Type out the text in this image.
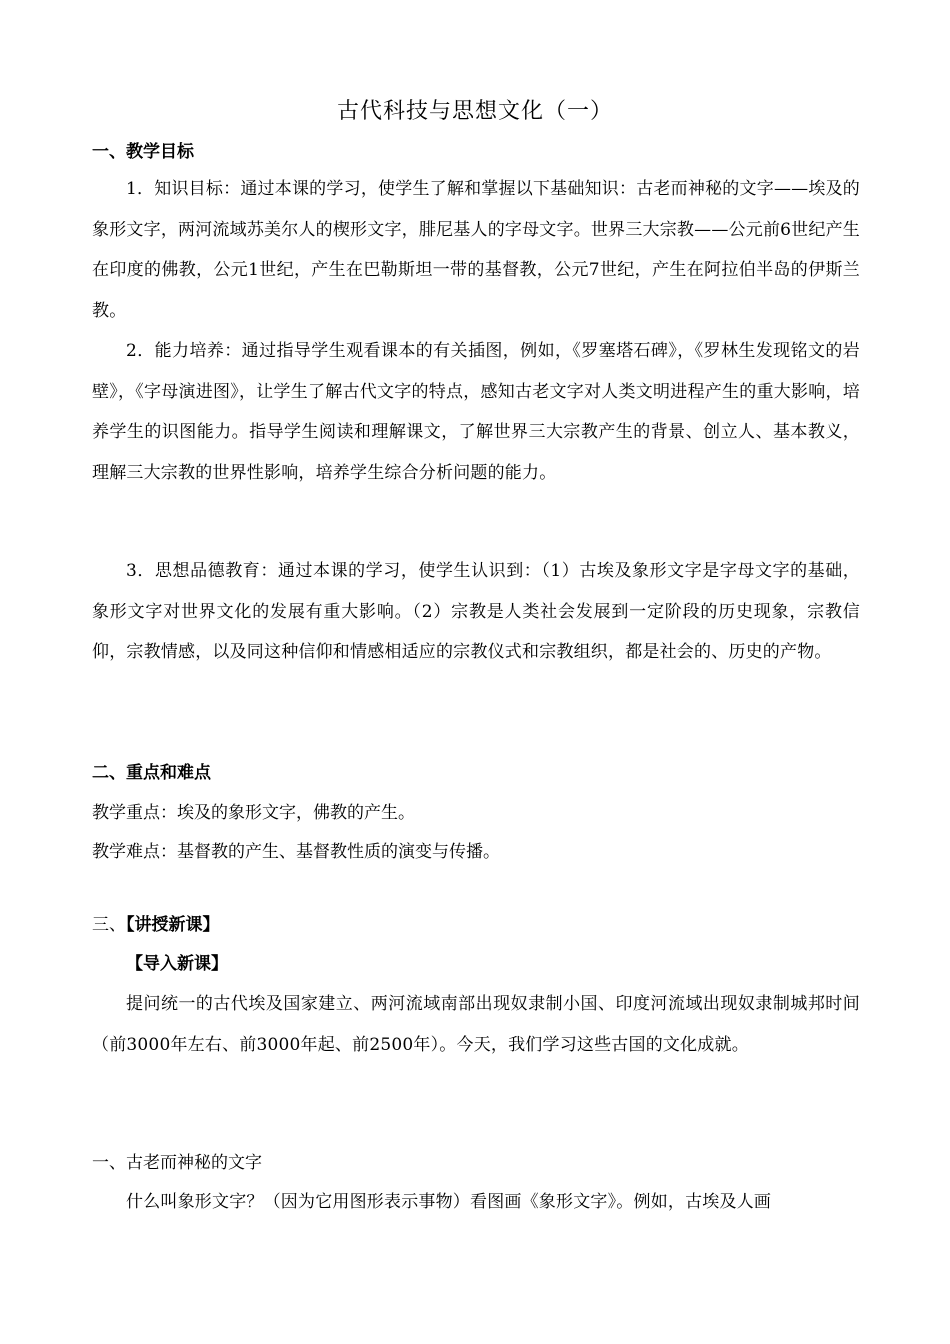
古代科技与思想文化（一）
一、教学目标
1．知识目标：通过本课的学习，使学生了解和掌握以下基础知识：古老而神秘的文字——埃及的象形文字，两河流域苏美尔人的楔形文字，腓尼基人的字母文字。世界三大宗教——公元前6世纪产生在印度的佛教，公元1世纪，产生在巴勒斯坦一带的基督教，公元7世纪，产生在阿拉伯半岛的伊斯兰教。
2．能力培养：通过指导学生观看课本的有关插图，例如，《罗塞塔石碑》，《罗林生发现铭文的岩壁》，《字母演进图》，让学生了解古代文字的特点，感知古老文字对人类文明进程产生的重大影响，培养学生的识图能力。指导学生阅读和理解课文，了解世界三大宗教产生的背景、创立人、基本教义，理解三大宗教的世界性影响，培养学生综合分析问题的能力。
3．思想品德教育：通过本课的学习，使学生认识到：（1）古埃及象形文字是字母文字的基础，象形文字对世界文化的发展有重大影响。（2）宗教是人类社会发展到一定阶段的历史现象，宗教信仰，宗教情感，以及同这种信仰和情感相适应的宗教仪式和宗教组织，都是社会的、历史的产物。
二、重点和难点
教学重点：埃及的象形文字，佛教的产生。
教学难点：基督教的产生、基督教性质的演变与传播。
三、【讲授新课】
【导入新课】
提问统一的古代埃及国家建立、两河流域南部出现奴隶制小国、印度河流域出现奴隶制城邦时间（前3000年左右、前3000年起、前2500年）。今天，我们学习这些古国的文化成就。
一、古老而神秘的文字
什么叫象形文字？（因为它用图形表示事物）看图画《象形文字》。例如，古埃及人画
